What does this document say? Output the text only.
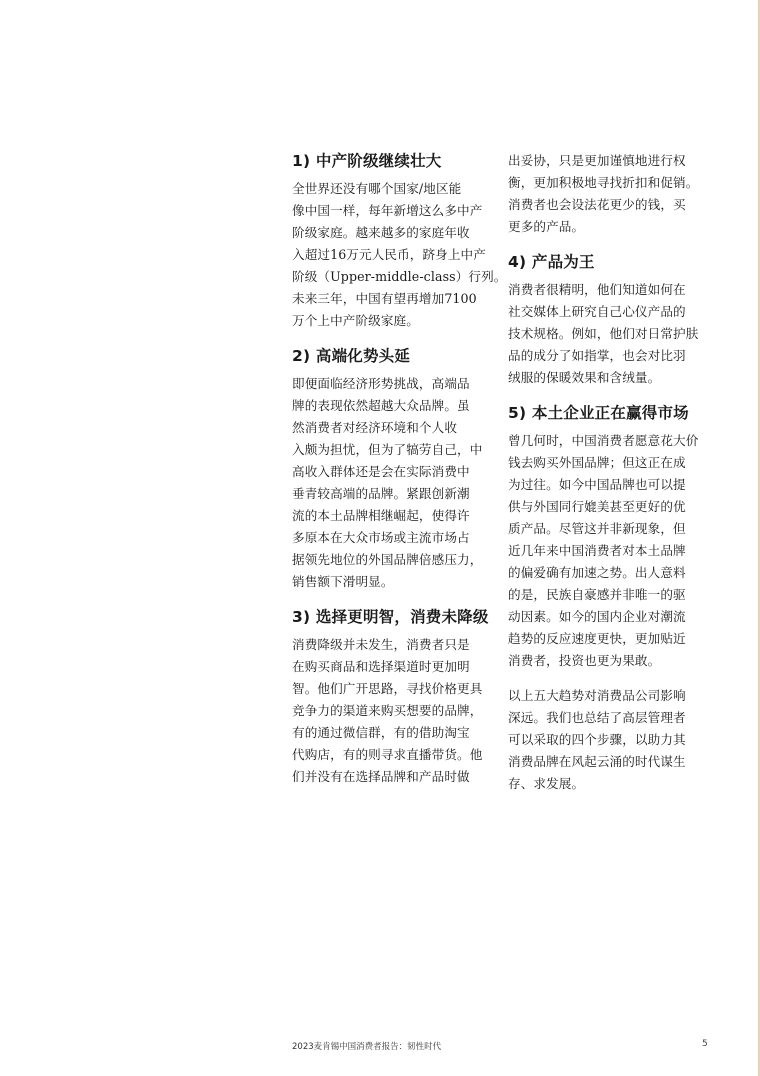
1) 中产阶级继续壮大

全世界还没有哪个国家/地区能
像中国一样，每年新增这么多中产
阶级家庭。越来越多的家庭年收
入超过16万元人民币，跻身上中产
阶级（Upper-middle-class）行列。
未来三年，中国有望再增加7100
万个上中产阶级家庭。

2) 高端化势头延

即便面临经济形势挑战，高端品
牌的表现依然超越大众品牌。虽
然消费者对经济环境和个人收
入颇为担忧，但为了犒劳自己，中
高收入群体还是会在实际消费中
垂青较高端的品牌。紧跟创新潮
流的本土品牌相继崛起，使得许
多原本在大众市场或主流市场占
据领先地位的外国品牌倍感压力，
销售额下滑明显。

3) 选择更明智，消费未降级

消费降级并未发生，消费者只是
在购买商品和选择渠道时更加明
智。他们广开思路，寻找价格更具
竞争力的渠道来购买想要的品牌，
有的通过微信群，有的借助淘宝
代购店，有的则寻求直播带货。他
们并没有在选择品牌和产品时做

出妥协，只是更加谨慎地进行权
衡，更加积极地寻找折扣和促销。
消费者也会设法花更少的钱，买
更多的产品。

4) 产品为王

消费者很精明，他们知道如何在
社交媒体上研究自己心仪产品的
技术规格。例如，他们对日常护肤
品的成分了如指掌，也会对比羽
绒服的保暖效果和含绒量。

5) 本土企业正在赢得市场

曾几何时，中国消费者愿意花大价
钱去购买外国品牌；但这正在成
为过往。如今中国品牌也可以提
供与外国同行媲美甚至更好的优
质产品。尽管这并非新现象，但
近几年来中国消费者对本土品牌
的偏爱确有加速之势。出人意料
的是，民族自豪感并非唯一的驱
动因素。如今的国内企业对潮流
趋势的反应速度更快，更加贴近
消费者，投资也更为果敢。

以上五大趋势对消费品公司影响
深远。我们也总结了高层管理者
可以采取的四个步骤，以助力其
消费品牌在风起云涌的时代谋生
存、求发展。

2023麦肯锡中国消费者报告：韧性时代	5
